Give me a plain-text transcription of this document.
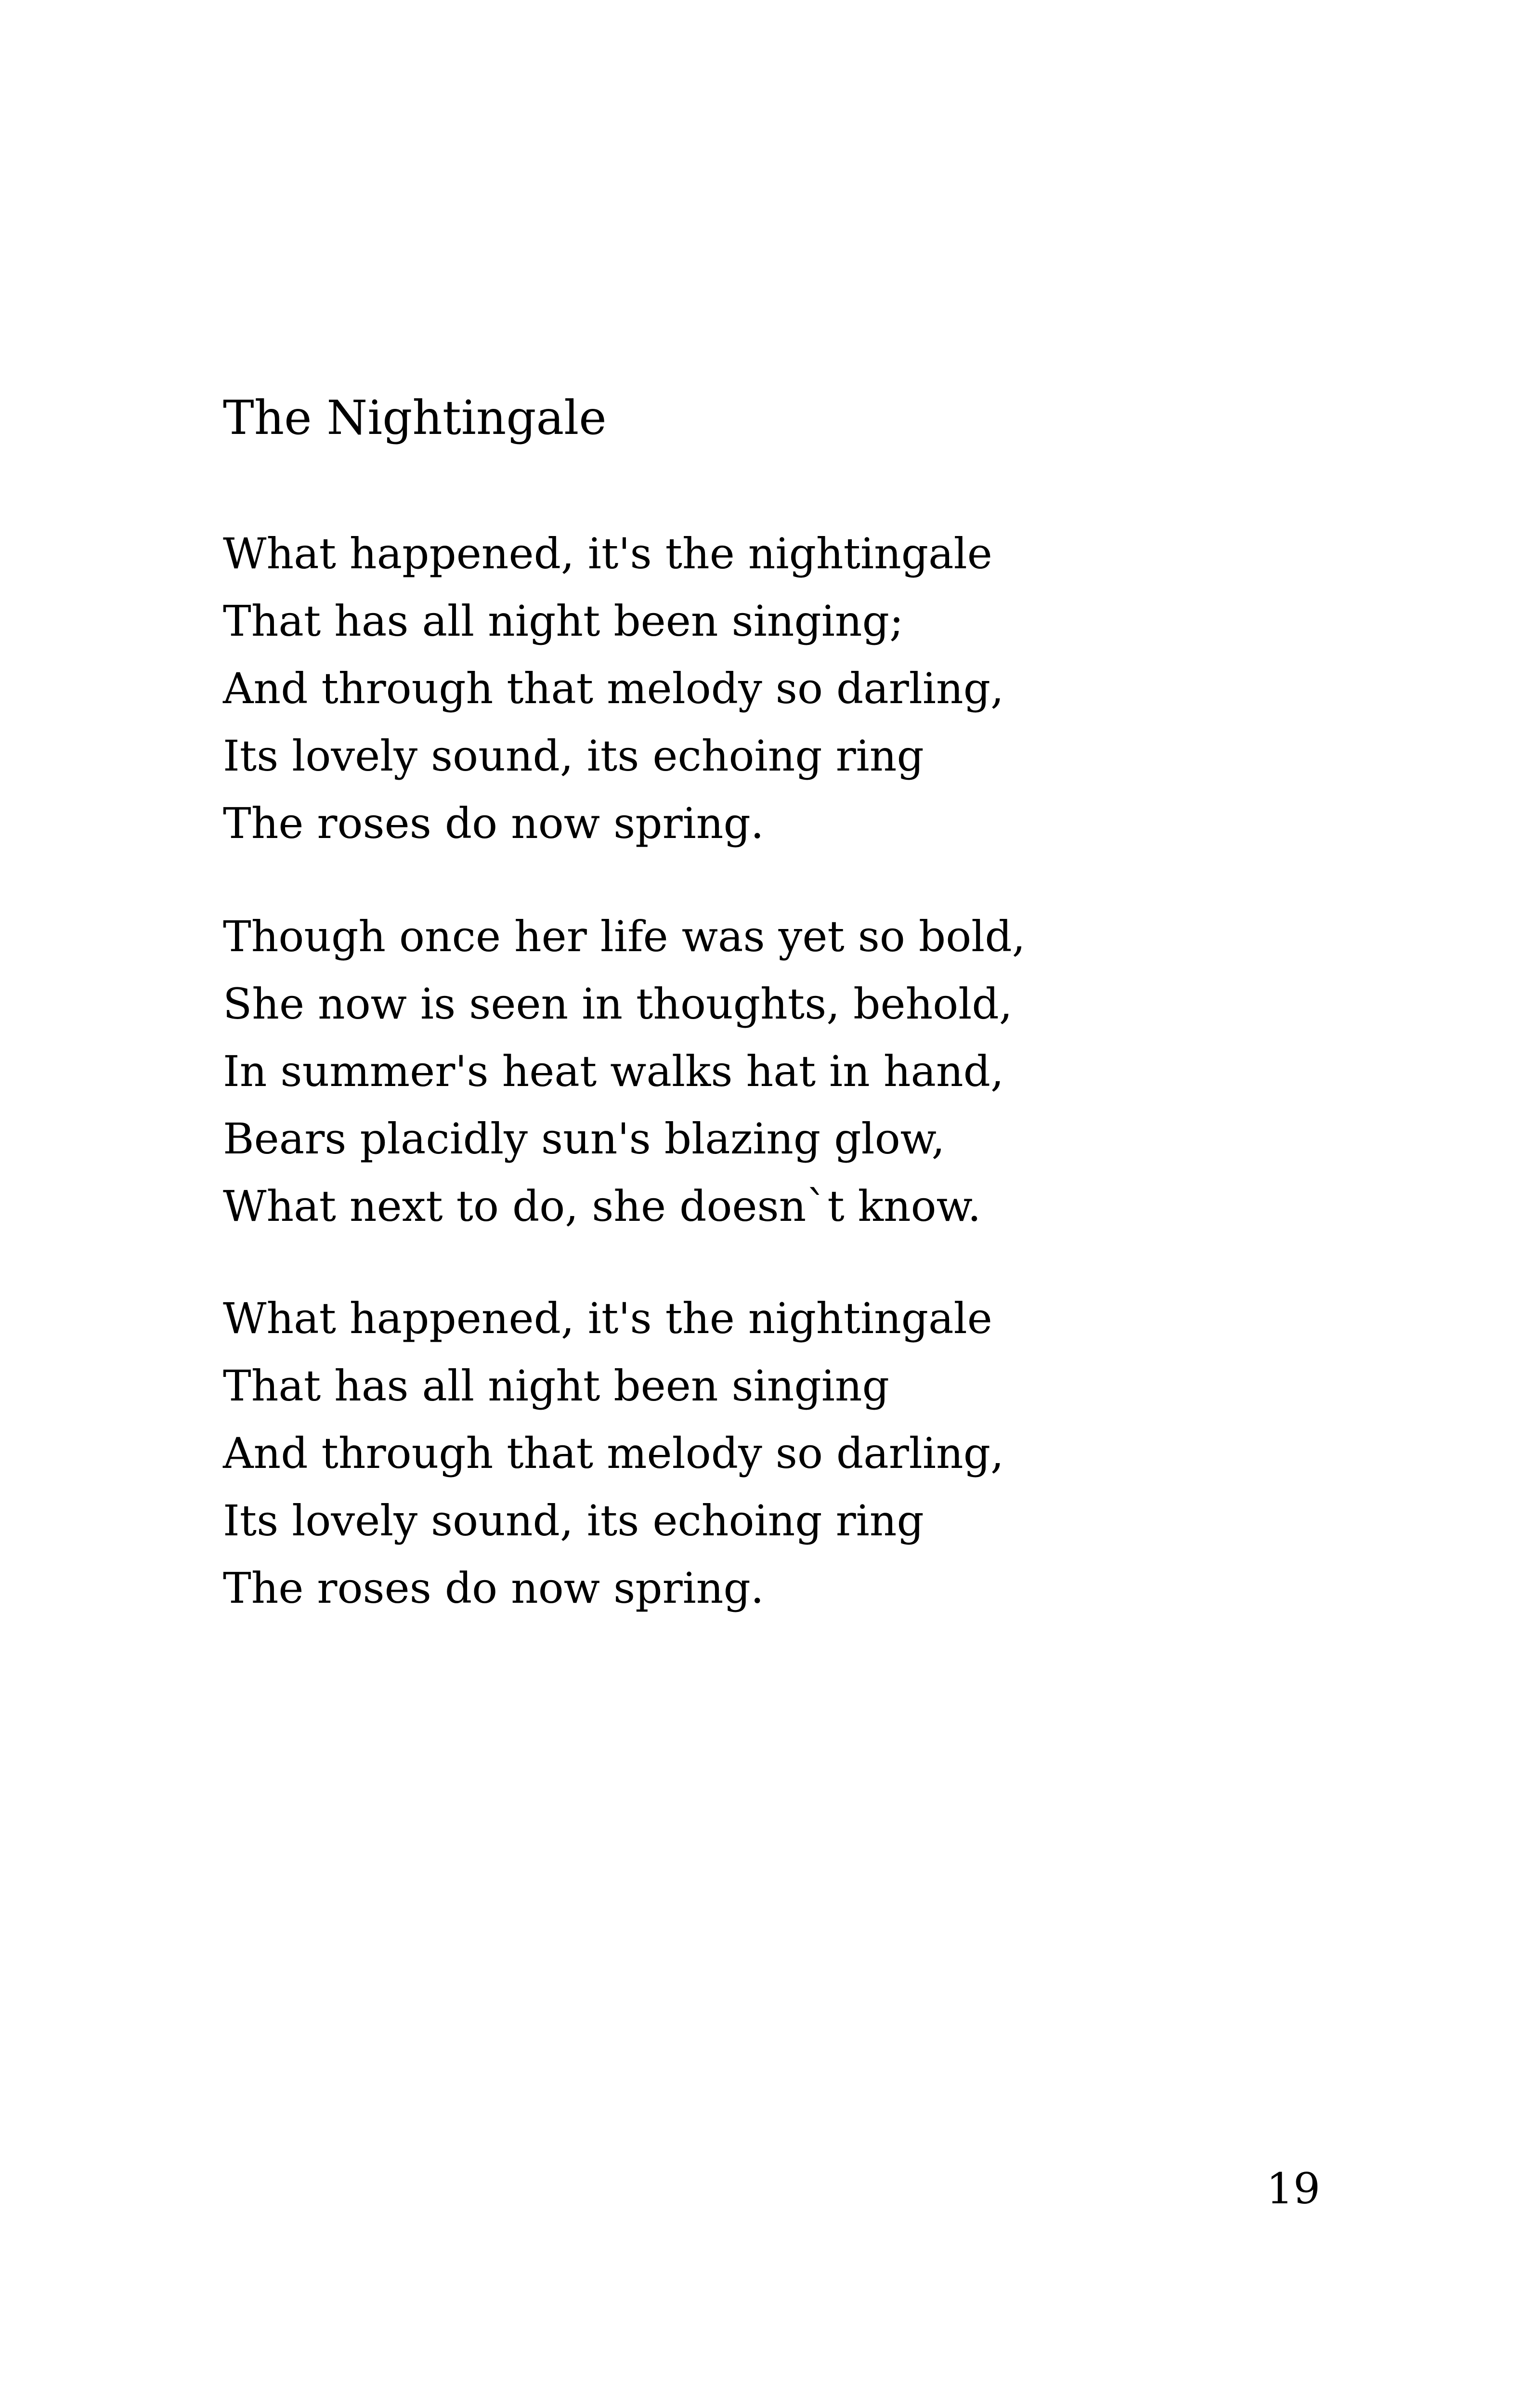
The Nightingale
What happened, it's the nightingale
That has all night been singing;
And through that melody so darling,
Its lovely sound, its echoing ring
The roses do now spring.
Though once her life was yet so bold,
She now is seen in thoughts, behold,
In summer's heat walks hat in hand,
Bears placidly sun's blazing glow,
What next to do, she doesn`t know.
What happened, it's the nightingale
That has all night been singing
And through that melody so darling,
Its lovely sound, its echoing ring
The roses do now spring.
19
